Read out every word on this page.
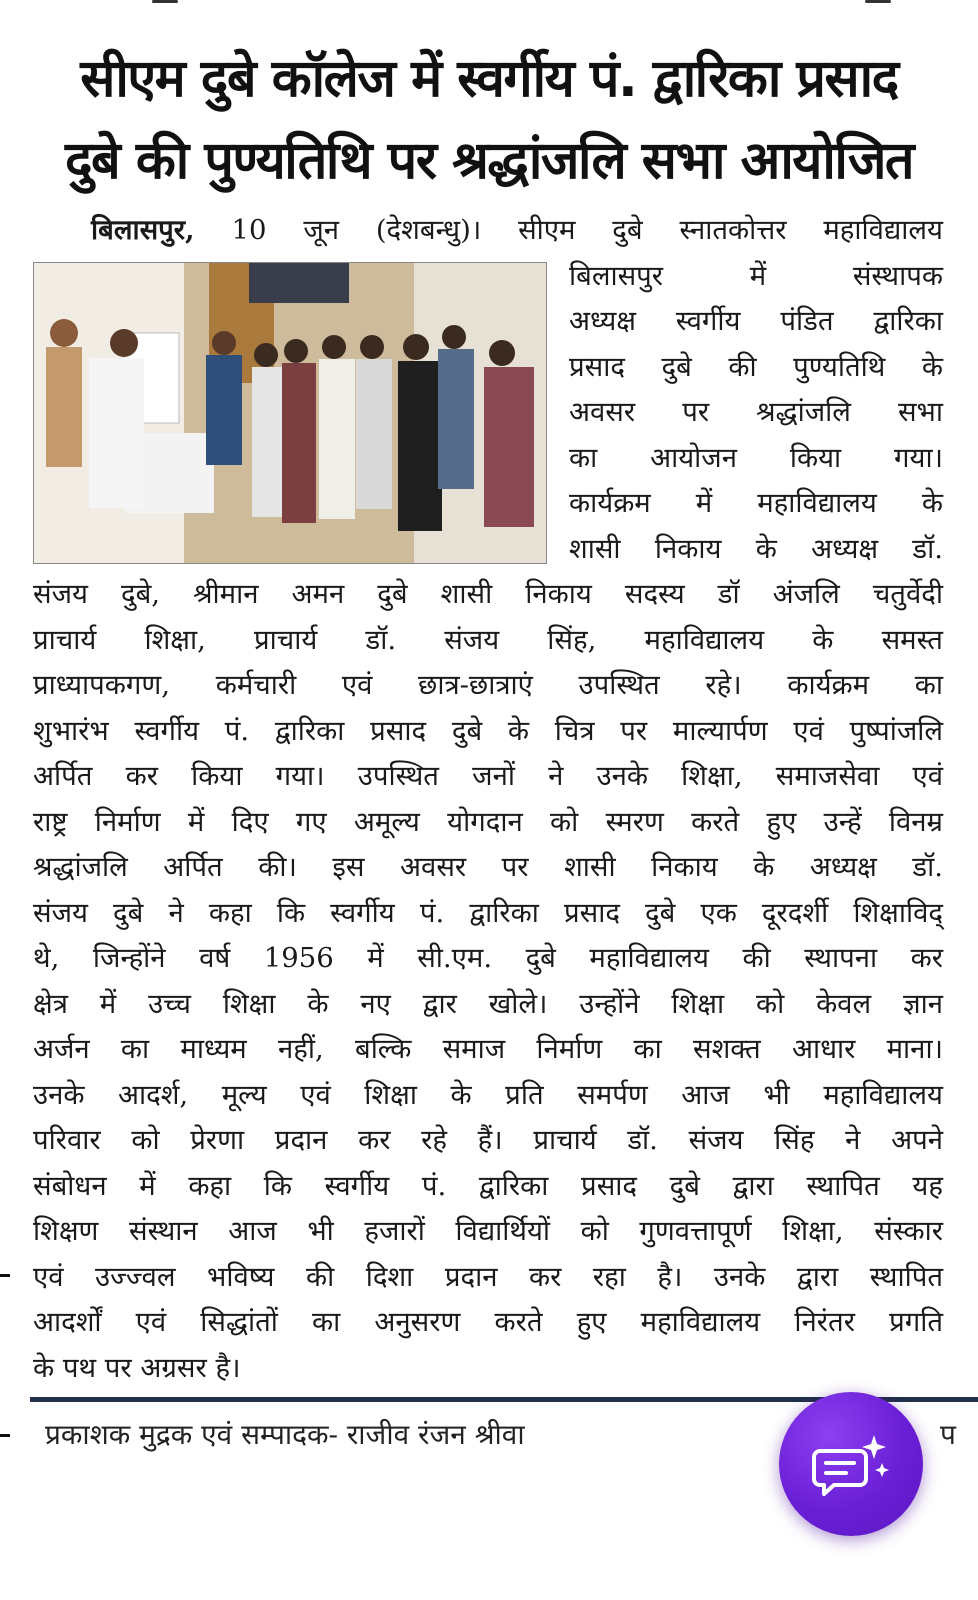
सीएम दुबे कॉलेज में स्वर्गीय पं. द्वारिका प्रसाद
दुबे की पुण्यतिथि पर श्रद्धांजलि सभा आयोजित
बिलासपुर, 10 जून (देशबन्धु)। सीएम दुबे स्नातकोत्तर महाविद्यालय
बिलासपुर में संस्थापक
अध्यक्ष स्वर्गीय पंडित द्वारिका
प्रसाद दुबे की पुण्यतिथि के
अवसर पर श्रद्धांजलि सभा
का आयोजन किया गया।
कार्यक्रम में महाविद्यालय के
शासी निकाय के अध्यक्ष डॉ.
संजय दुबे, श्रीमान अमन दुबे शासी निकाय सदस्य डॉ अंजलि चतुर्वेदी
प्राचार्य शिक्षा, प्राचार्य डॉ. संजय सिंह, महाविद्यालय के समस्त
प्राध्यापकगण, कर्मचारी एवं छात्र-छात्राएं उपस्थित रहे। कार्यक्रम का
शुभारंभ स्वर्गीय पं. द्वारिका प्रसाद दुबे के चित्र पर माल्यार्पण एवं पुष्पांजलि
अर्पित कर किया गया। उपस्थित जनों ने उनके शिक्षा, समाजसेवा एवं
राष्ट्र निर्माण में दिए गए अमूल्य योगदान को स्मरण करते हुए उन्हें विनम्र
श्रद्धांजलि अर्पित की। इस अवसर पर शासी निकाय के अध्यक्ष डॉ.
संजय दुबे ने कहा कि स्वर्गीय पं. द्वारिका प्रसाद दुबे एक दूरदर्शी शिक्षाविद्
थे, जिन्होंने वर्ष 1956 में सी.एम. दुबे महाविद्यालय की स्थापना कर
क्षेत्र में उच्च शिक्षा के नए द्वार खोले। उन्होंने शिक्षा को केवल ज्ञान
अर्जन का माध्यम नहीं, बल्कि समाज निर्माण का सशक्त आधार माना।
उनके आदर्श, मूल्य एवं शिक्षा के प्रति समर्पण आज भी महाविद्यालय
परिवार को प्रेरणा प्रदान कर रहे हैं। प्राचार्य डॉ. संजय सिंह ने अपने
संबोधन में कहा कि स्वर्गीय पं. द्वारिका प्रसाद दुबे द्वारा स्थापित यह
शिक्षण संस्थान आज भी हजारों विद्यार्थियों को गुणवत्तापूर्ण शिक्षा, संस्कार
एवं उज्ज्वल भविष्य की दिशा प्रदान कर रहा है। उनके द्वारा स्थापित
आदर्शों एवं सिद्धांतों का अनुसरण करते हुए महाविद्यालय निरंतर प्रगति
के पथ पर अग्रसर है।
प्रकाशक मुद्रक एवं सम्पादक- राजीव रंजन श्रीवा	प
